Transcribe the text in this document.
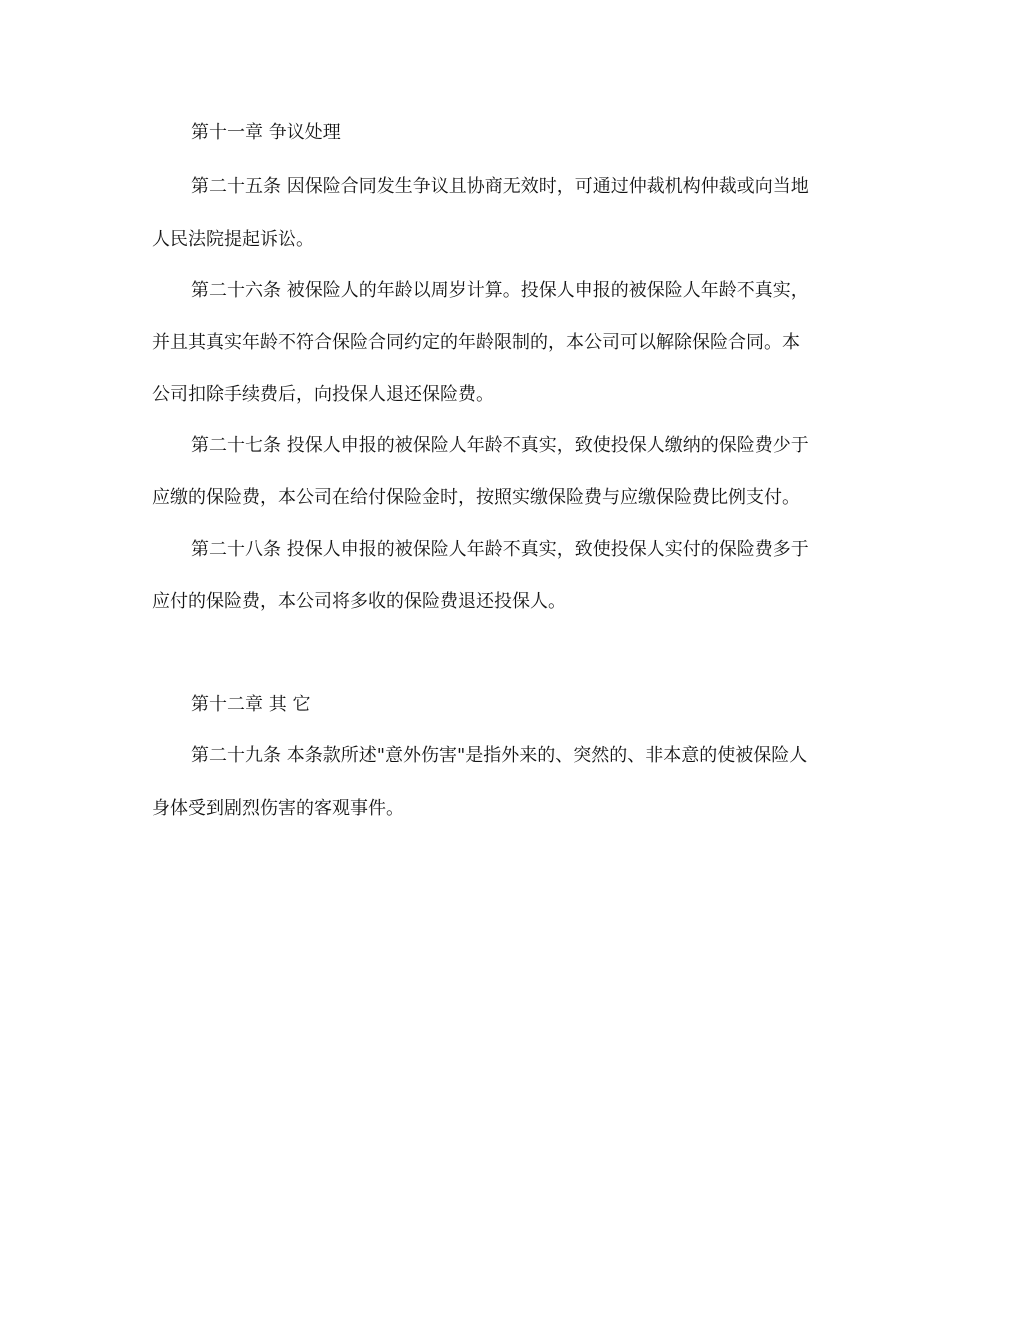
第十一章 争议处理
第二十五条 因保险合同发生争议且协商无效时，可通过仲裁机构仲裁或向当地
人民法院提起诉讼。
第二十六条 被保险人的年龄以周岁计算。投保人申报的被保险人年龄不真实，
并且其真实年龄不符合保险合同约定的年龄限制的，本公司可以解除保险合同。本
公司扣除手续费后，向投保人退还保险费。
第二十七条 投保人申报的被保险人年龄不真实，致使投保人缴纳的保险费少于
应缴的保险费，本公司在给付保险金时，按照实缴保险费与应缴保险费比例支付。
第二十八条 投保人申报的被保险人年龄不真实，致使投保人实付的保险费多于
应付的保险费，本公司将多收的保险费退还投保人。
第十二章 其 它
第二十九条 本条款所述"意外伤害"是指外来的、突然的、非本意的使被保险人
身体受到剧烈伤害的客观事件。
